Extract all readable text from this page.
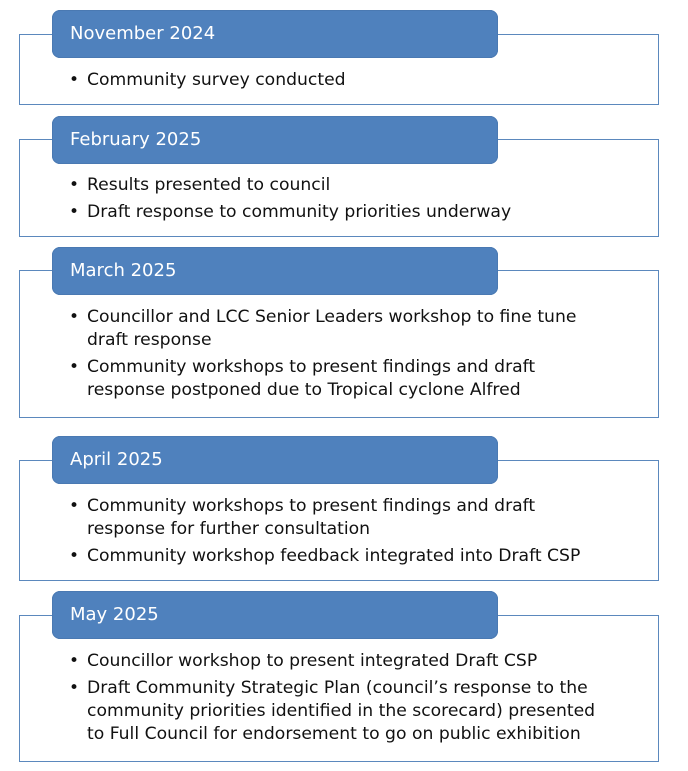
November 2024
• Community survey conducted
February 2025
• Results presented to council
• Draft response to community priorities underway
March 2025
• Councillor and LCC Senior Leaders workshop to fine tune draft response
• Community workshops to present findings and draft response postponed due to Tropical cyclone Alfred
April 2025
• Community workshops to present findings and draft response for further consultation
• Community workshop feedback integrated into Draft CSP
May 2025
• Councillor workshop to present integrated Draft CSP
• Draft Community Strategic Plan (council’s response to the community priorities identified in the scorecard) presented to Full Council for endorsement to go on public exhibition
